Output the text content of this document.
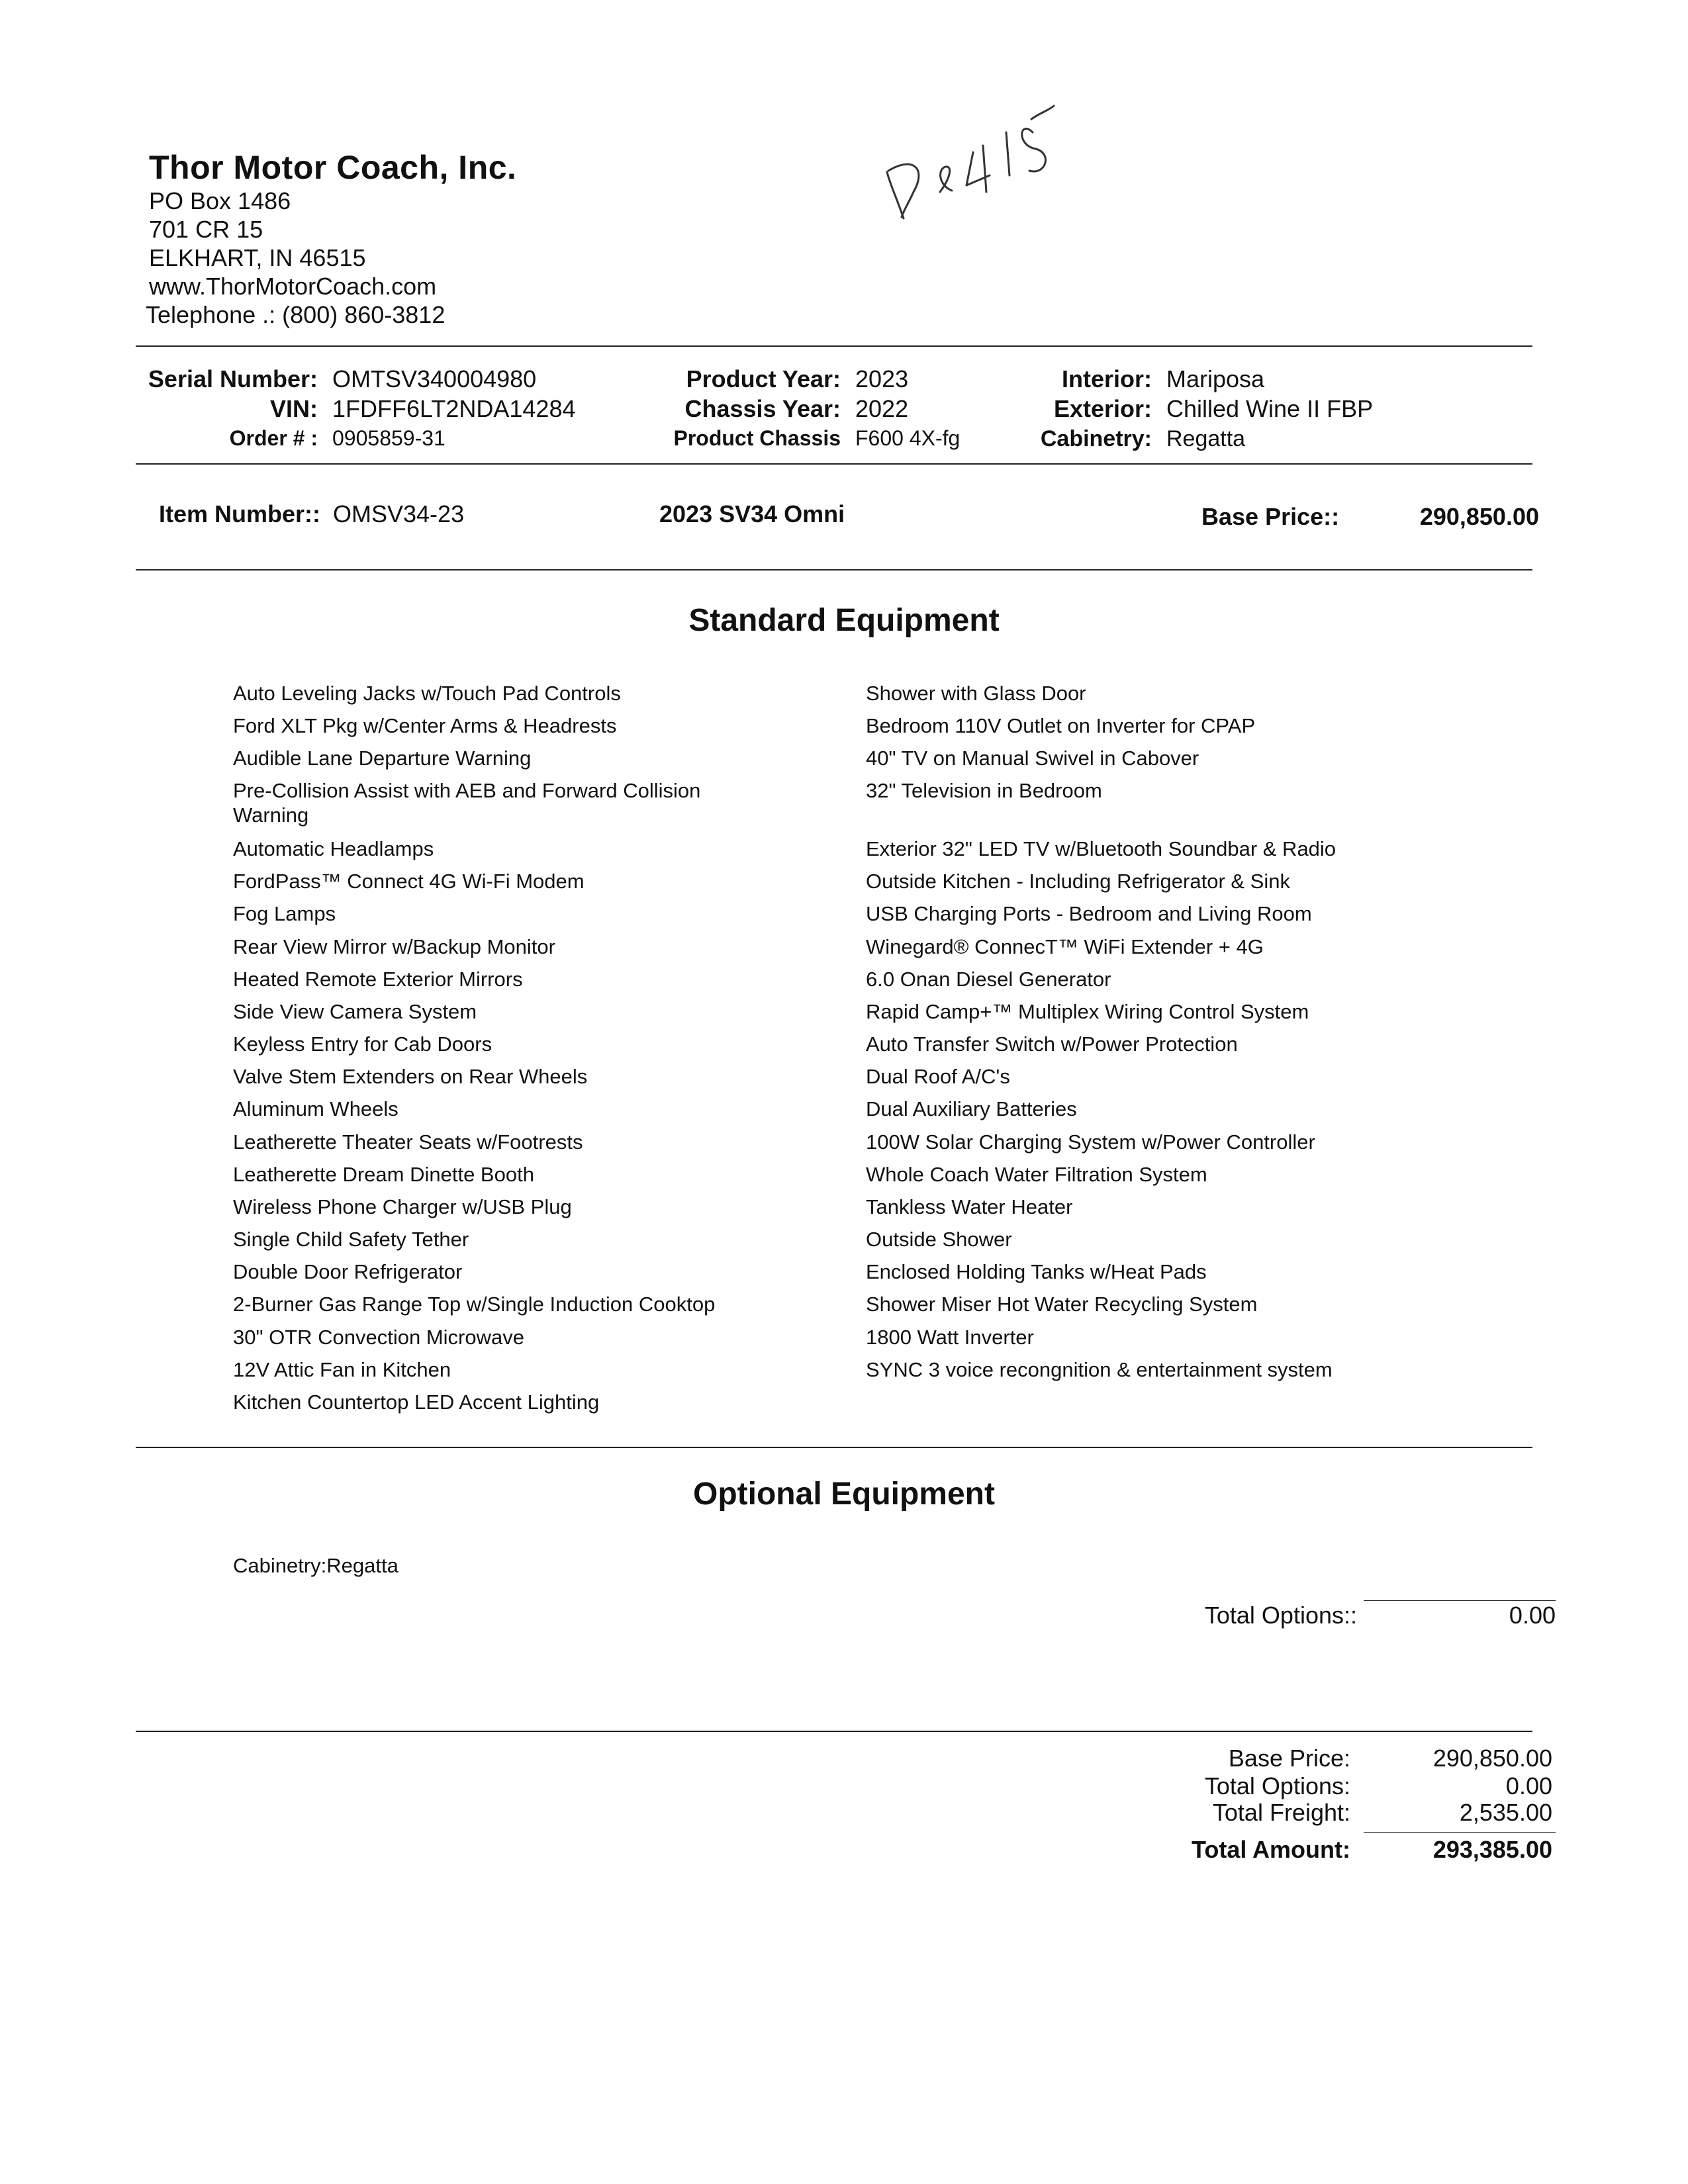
Thor Motor Coach, Inc.
PO Box 1486
701 CR 15
ELKHART, IN 46515
www.ThorMotorCoach.com
Telephone .: (800) 860-3812
Serial Number: OMTSV340004980
VIN: 1FDFF6LT2NDA14284
Order # : 0905859-31
Product Year: 2023
Chassis Year: 2022
Product Chassis F600 4X-fg
Interior: Mariposa
Exterior: Chilled Wine II FBP
Cabinetry: Regatta
Item Number:: OMSV34-23	2023 SV34 Omni	Base Price::	290,850.00
Standard Equipment
Auto Leveling Jacks w/Touch Pad Controls
Ford XLT Pkg w/Center Arms & Headrests
Audible Lane Departure Warning
Pre-Collision Assist with AEB and Forward Collision
Warning
Automatic Headlamps
FordPass™ Connect 4G Wi-Fi Modem
Fog Lamps
Rear View Mirror w/Backup Monitor
Heated Remote Exterior Mirrors
Side View Camera System
Keyless Entry for Cab Doors
Valve Stem Extenders on Rear Wheels
Aluminum Wheels
Leatherette Theater Seats w/Footrests
Leatherette Dream Dinette Booth
Wireless Phone Charger w/USB Plug
Single Child Safety Tether
Double Door Refrigerator
2-Burner Gas Range Top w/Single Induction Cooktop
30" OTR Convection Microwave
12V Attic Fan in Kitchen
Kitchen Countertop LED Accent Lighting
Shower with Glass Door
Bedroom 110V Outlet on Inverter for CPAP
40" TV on Manual Swivel in Cabover
32" Television in Bedroom
Exterior 32" LED TV w/Bluetooth Soundbar & Radio
Outside Kitchen - Including Refrigerator & Sink
USB Charging Ports - Bedroom and Living Room
Winegard® ConnecT™ WiFi Extender + 4G
6.0 Onan Diesel Generator
Rapid Camp+™ Multiplex Wiring Control System
Auto Transfer Switch w/Power Protection
Dual Roof A/C's
Dual Auxiliary Batteries
100W Solar Charging System w/Power Controller
Whole Coach Water Filtration System
Tankless Water Heater
Outside Shower
Enclosed Holding Tanks w/Heat Pads
Shower Miser Hot Water Recycling System
1800 Watt Inverter
SYNC 3 voice recongnition & entertainment system
Optional Equipment
Cabinetry:Regatta
Total Options::	0.00
Base Price:	290,850.00
Total Options:	0.00
Total Freight:	2,535.00
Total Amount:	293,385.00
